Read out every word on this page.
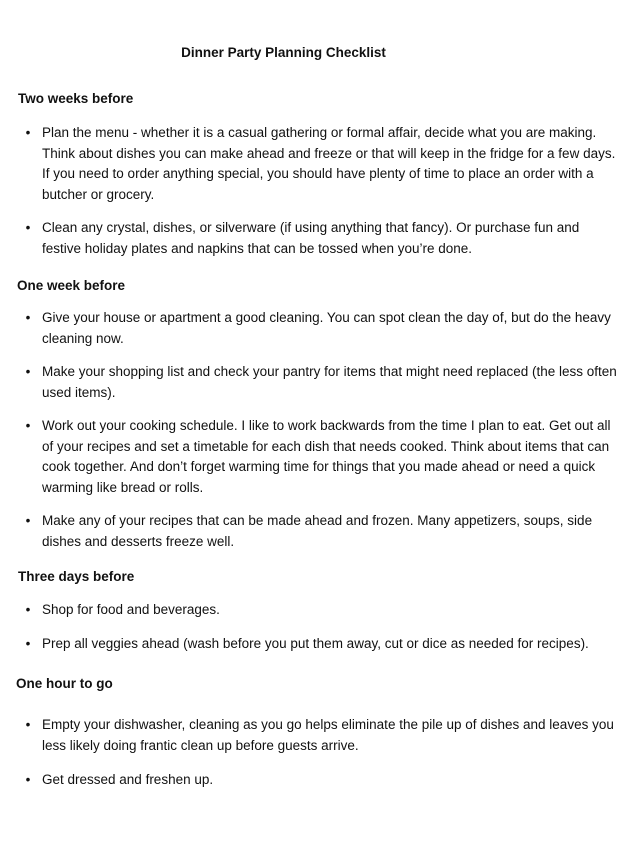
Dinner Party Planning Checklist
Two weeks before
• Plan the menu - whether it is a casual gathering or formal affair, decide what you are making. Think about dishes you can make ahead and freeze or that will keep in the fridge for a few days. If you need to order anything special, you should have plenty of time to place an order with a butcher or grocery.
• Clean any crystal, dishes, or silverware (if using anything that fancy). Or purchase fun and festive holiday plates and napkins that can be tossed when you’re done.
One week before
• Give your house or apartment a good cleaning. You can spot clean the day of, but do the heavy cleaning now.
• Make your shopping list and check your pantry for items that might need replaced (the less often used items).
• Work out your cooking schedule. I like to work backwards from the time I plan to eat. Get out all of your recipes and set a timetable for each dish that needs cooked. Think about items that can cook together. And don’t forget warming time for things that you made ahead or need a quick warming like bread or rolls.
• Make any of your recipes that can be made ahead and frozen. Many appetizers, soups, side dishes and desserts freeze well.
Three days before
• Shop for food and beverages.
• Prep all veggies ahead (wash before you put them away, cut or dice as needed for recipes).
One hour to go
• Empty your dishwasher, cleaning as you go helps eliminate the pile up of dishes and leaves you less likely doing frantic clean up before guests arrive.
• Get dressed and freshen up.
